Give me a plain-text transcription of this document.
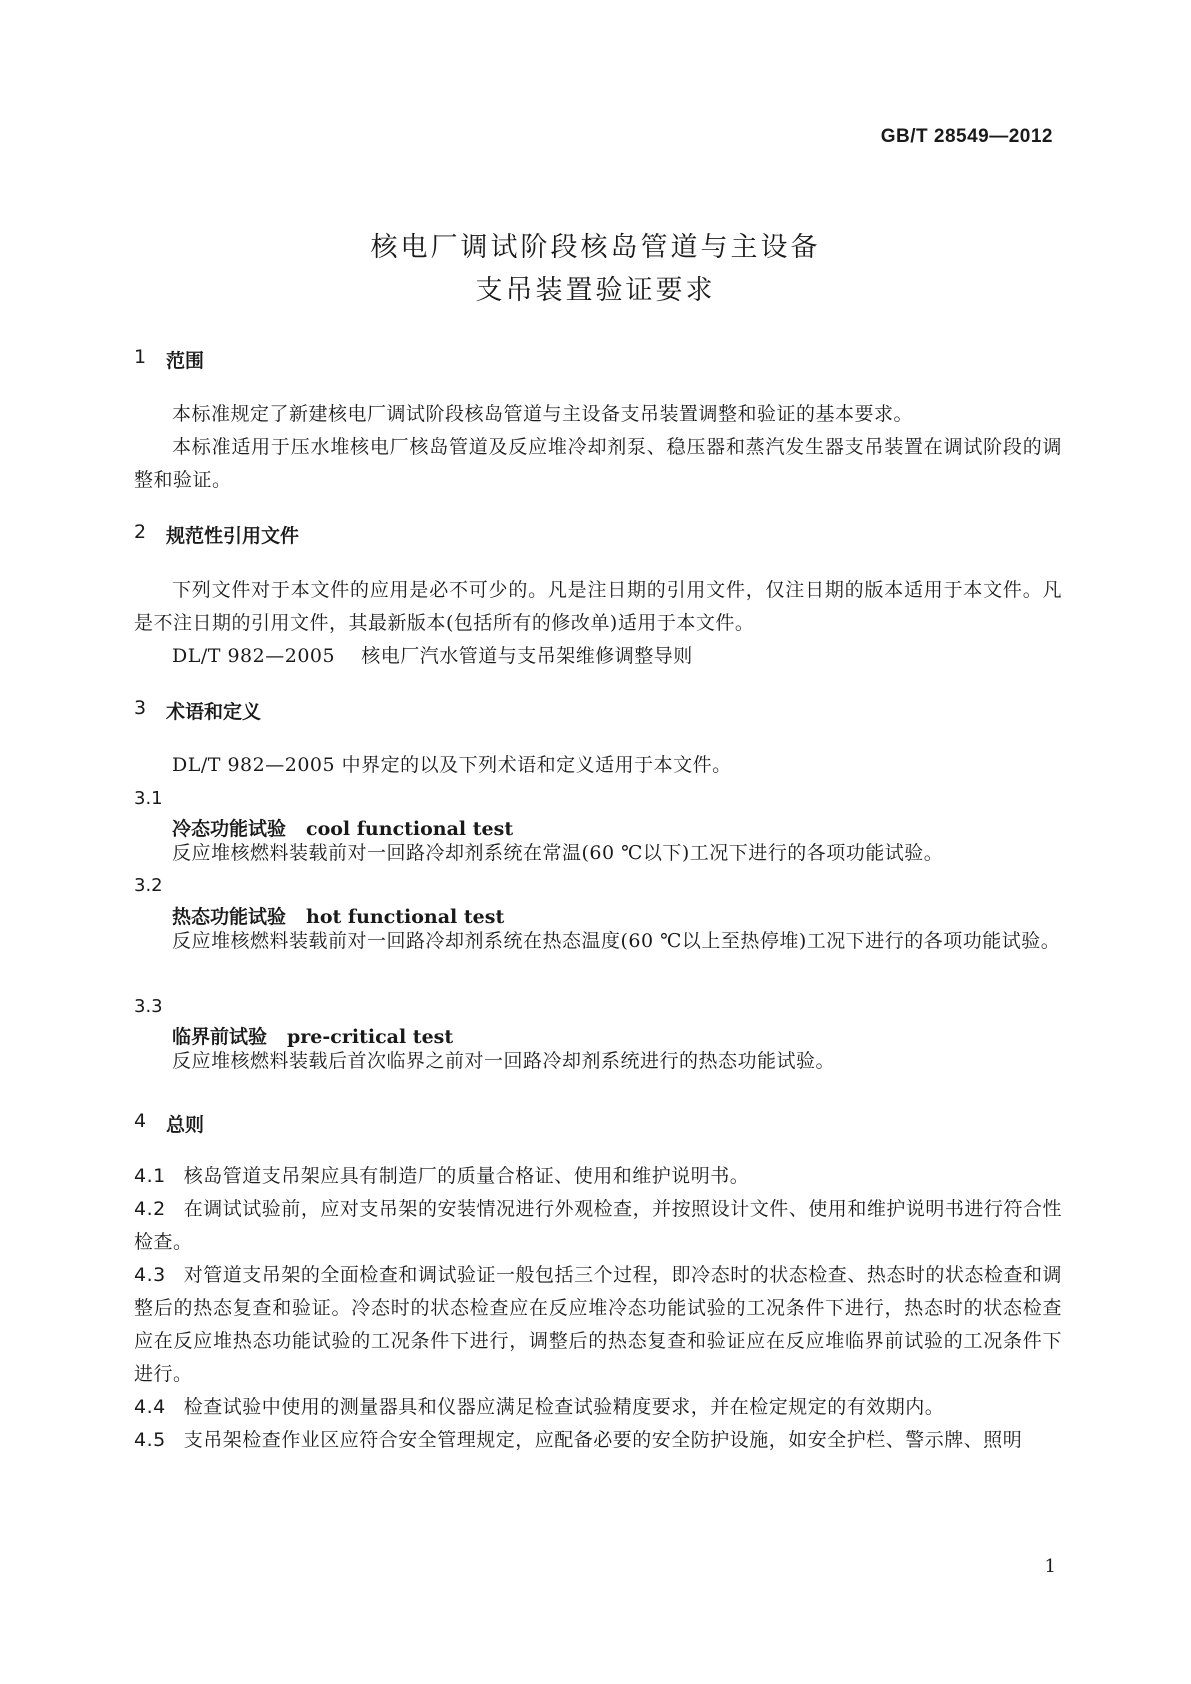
GB/T 28549—2012
核电厂调试阶段核岛管道与主设备
支吊装置验证要求
1	范围
本标准规定了新建核电厂调试阶段核岛管道与主设备支吊装置调整和验证的基本要求。
本标准适用于压水堆核电厂核岛管道及反应堆冷却剂泵、稳压器和蒸汽发生器支吊装置在调试阶段的调整和验证。
2	规范性引用文件
下列文件对于本文件的应用是必不可少的。凡是注日期的引用文件，仅注日期的版本适用于本文件。凡是不注日期的引用文件，其最新版本(包括所有的修改单)适用于本文件。
DL/T 982—2005    核电厂汽水管道与支吊架维修调整导则
3	术语和定义
DL/T 982—2005 中界定的以及下列术语和定义适用于本文件。
3.1
冷态功能试验 cool functional test
反应堆核燃料装载前对一回路冷却剂系统在常温(60 ℃以下)工况下进行的各项功能试验。
3.2
热态功能试验 hot functional test
反应堆核燃料装载前对一回路冷却剂系统在热态温度(60 ℃以上至热停堆)工况下进行的各项功能试验。
3.3
临界前试验 pre-critical test
反应堆核燃料装载后首次临界之前对一回路冷却剂系统进行的热态功能试验。
4	总则
4.1 核岛管道支吊架应具有制造厂的质量合格证、使用和维护说明书。
4.2 在调试试验前，应对支吊架的安装情况进行外观检查，并按照设计文件、使用和维护说明书进行符合性检查。
4.3 对管道支吊架的全面检查和调试验证一般包括三个过程，即冷态时的状态检查、热态时的状态检查和调整后的热态复查和验证。冷态时的状态检查应在反应堆冷态功能试验的工况条件下进行，热态时的状态检查应在反应堆热态功能试验的工况条件下进行，调整后的热态复查和验证应在反应堆临界前试验的工况条件下进行。
4.4 检查试验中使用的测量器具和仪器应满足检查试验精度要求，并在检定规定的有效期内。
4.5 支吊架检查作业区应符合安全管理规定，应配备必要的安全防护设施，如安全护栏、警示牌、照明
1
